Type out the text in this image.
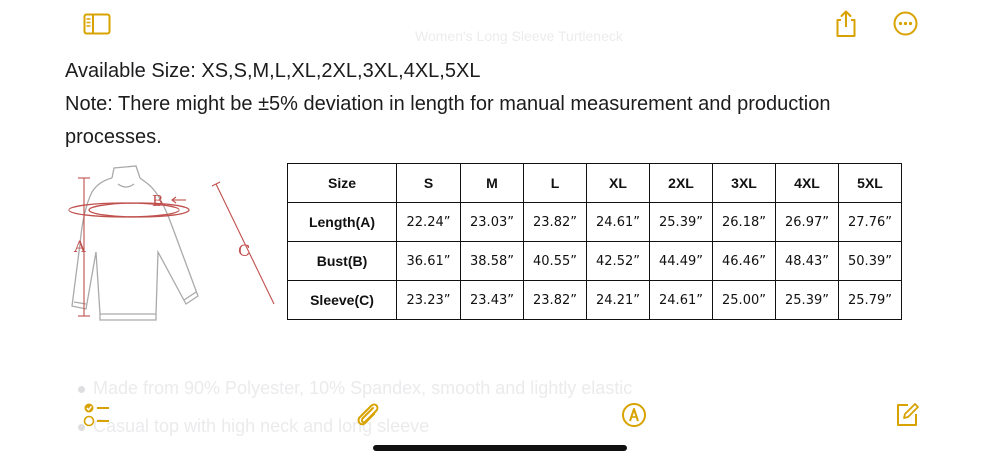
Women's Long Sleeve Turtleneck
Available Size: XS,S,M,L,XL,2XL,3XL,4XL,5XL
Note: There might be ±5% deviation in length for manual measurement and production
processes.
A
B
C
Size	S	M	L	XL	2XL	3XL	4XL	5XL
Length(A)	22.24”	23.03”	23.82”	24.61”	25.39”	26.18”	26.97”	27.76”
Bust(B)	36.61”	38.58”	40.55”	42.52”	44.49”	46.46”	48.43”	50.39”
Sleeve(C)	23.23”	23.43”	23.82”	24.21”	24.61”	25.00”	25.39”	25.79”
Made from 90% Polyester, 10% Spandex, smooth and lightly elastic
Casual top with high neck and long sleeve
